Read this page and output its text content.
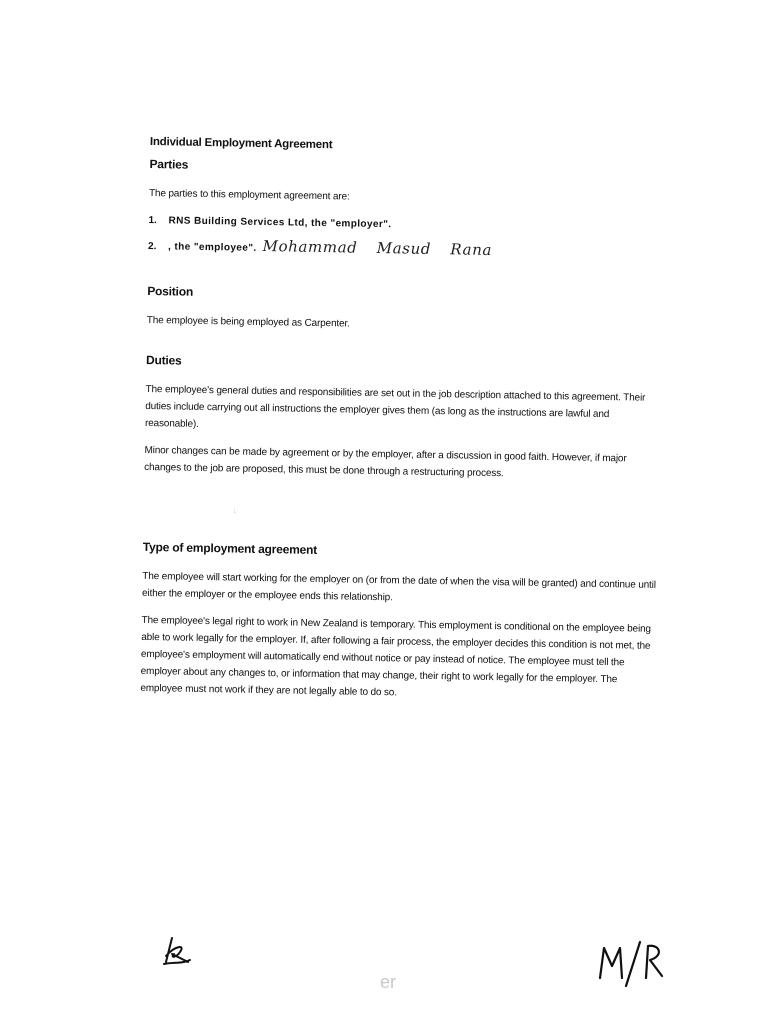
Individual Employment Agreement
Parties
The parties to this employment agreement are:
1.	RNS Building Services Ltd , the "employer".
2.	, the "employee". Mohammad Masud Rana
Position
The employee is being employed as Carpenter.
Duties
The employee's general duties and responsibilities are set out in the job description attached to this agreement. Their duties include carrying out all instructions the employer gives them (as long as the instructions are lawful and reasonable).
Minor changes can be made by agreement or by the employer, after a discussion in good faith. However, if major changes to the job are proposed, this must be done through a restructuring process.
Type of employment agreement
The employee will start working for the employer on (or from the date of when the visa will be granted) and continue until either the employer or the employee ends this relationship.
The employee's legal right to work in New Zealand is temporary. This employment is conditional on the employee being able to work legally for the employer. If, after following a fair process, the employer decides this condition is not met, the employee's employment will automatically end without notice or pay instead of notice. The employee must tell the employer about any changes to, or information that may change, their right to work legally for the employer. The employee must not work if they are not legally able to do so.
↓
er
